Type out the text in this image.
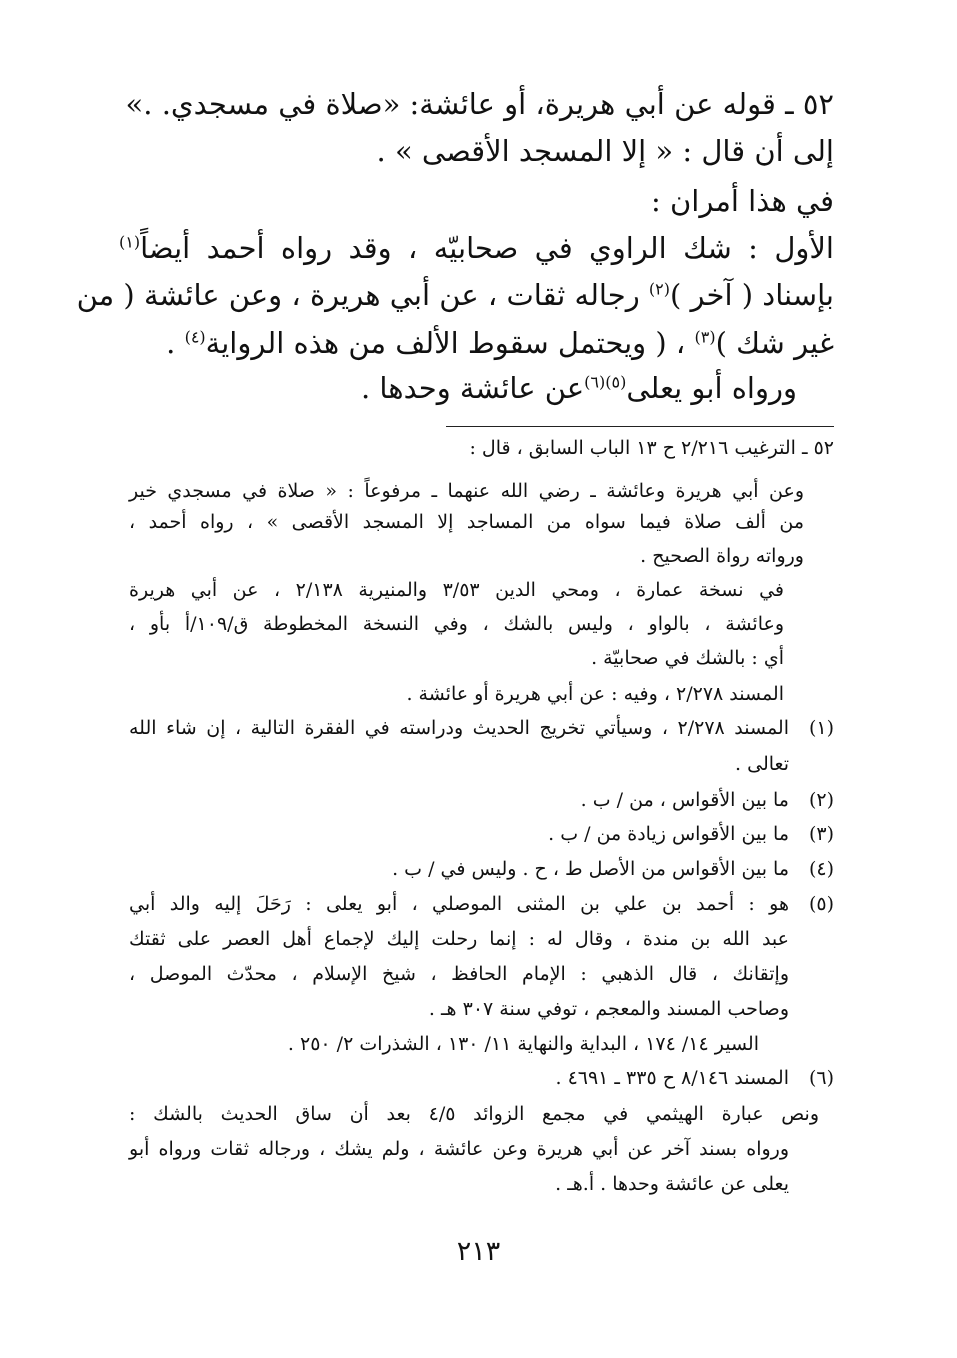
٥٢ ـ قوله عن أبي هريرة، أو عائشة: «صلاة في مسجدي. .»
إلى أن قال : « إلا المسجد الأقصى » .
في هذا أمران :
الأول : شك الراوي في صحابيّه ، وقد رواه أحمد أيضاً$^{(١)}$
بإسناد ( آخر )$^{(٢)}$ رجاله ثقات ، عن أبي هريرة ، وعن عائشة ( من
غير شك )$^{(٣)}$ ، ( ويحتمل سقوط الألف من هذه الرواية$^{(٤)}$ .
ورواه أبو يعلى$^{(٥)(٦)}$عن عائشة وحدها .
٥٢ ـ الترغيب ٢/٢١٦ ح ١٣ الباب السابق ، قال :
وعن أبي هريرة وعائشة ـ رضي الله عنهما ـ مرفوعاً : « صلاة في مسجدي خير
من ألف صلاة فيما سواه من المساجد إلا المسجد الأقصى » ، رواه أحمد ،
ورواته رواة الصحيح .
في نسخة عمارة ، ومحي الدين ٣/٥٣ والمنيرية ٢/١٣٨ ، عن أبي هريرة
وعائشة ، بالواو ، وليس بالشك ، وفي النسخة المخطوطة ق/١٠٩/أ بأو ،
أي : بالشك في صحابيّة .
المسند ٢/٢٧٨ ، وفيه : عن أبي هريرة أو عائشة .
(١)
المسند ٢/٢٧٨ ، وسيأتي تخريج الحديث ودراسته في الفقرة التالية ، إن شاء الله
تعالى .
(٢)
ما بين الأقواس ، من / ب .
(٣)
ما بين الأقواس زيادة من / ب .
(٤)
ما بين الأقواس من الأصل ط ، ح . وليس في / ب .
(٥)
هو : أحمد بن علي بن المثنى الموصلي ، أبو يعلى : رَحَلَ إليه والد أبي
عبد الله بن مندة ، وقال له : إنما رحلت إليك لإجماع أهل العصر على ثقتك
وإتقانك ، قال الذهبي : الإمام الحافظ ، شيخ الإسلام ، محدّث الموصل ،
وصاحب المسند والمعجم ، توفي سنة ٣٠٧ هـ .
السير ١٤/ ١٧٤ ، البداية والنهاية ١١/ ١٣٠ ، الشذرات ٢/ ٢٥٠ .
(٦)
المسند ٨/١٤٦ ح ٣٣٥ ـ ٤٦٩١ .
ونص عبارة الهيثمي في مجمع الزوائد ٤/٥ بعد أن ساق الحديث بالشك :
ورواه بسند آخر عن أبي هريرة وعن عائشة ، ولم يشك ، ورجاله ثقات ورواه أبو
يعلى عن عائشة وحدها . أ.هـ .
٢١٣
